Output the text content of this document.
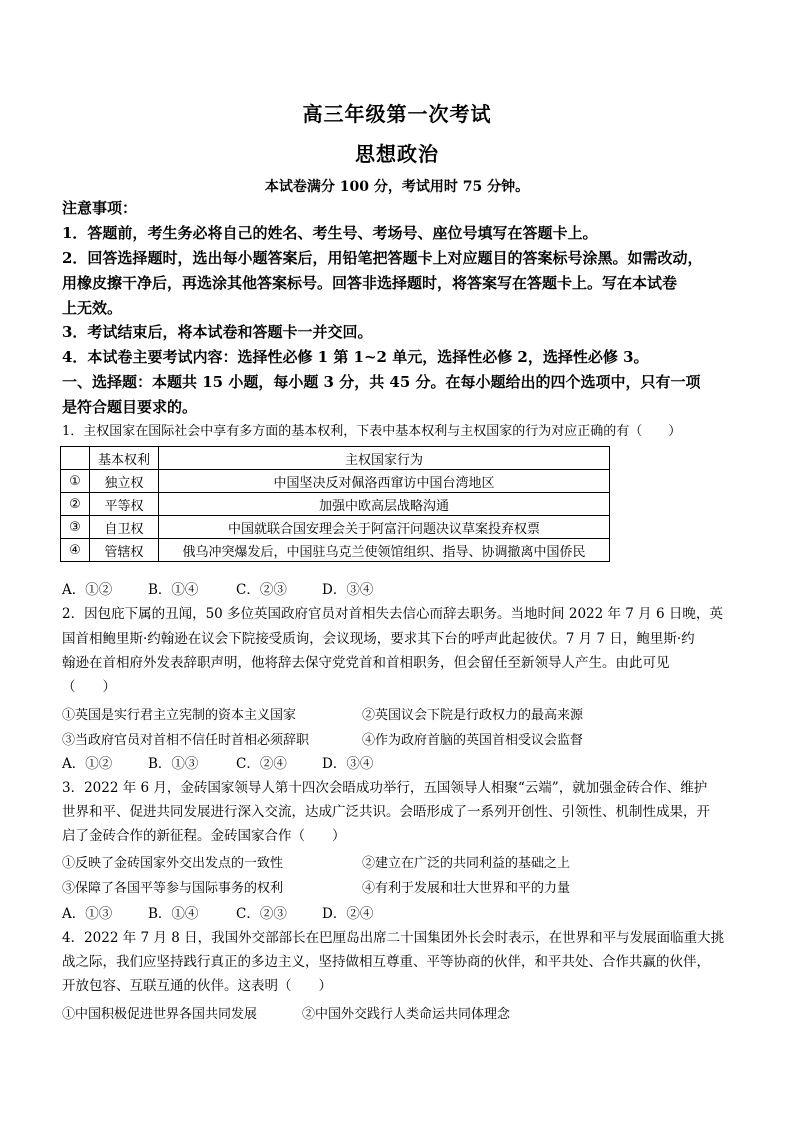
高三年级第一次考试
思想政治
本试卷满分 100 分，考试用时 75 分钟。
注意事项：
1．答题前，考生务必将自己的姓名、考生号、考场号、座位号填写在答题卡上。
2．回答选择题时，选出每小题答案后，用铅笔把答题卡上对应题目的答案标号涂黑。如需改动，
用橡皮擦干净后，再选涂其他答案标号。回答非选择题时，将答案写在答题卡上。写在本试卷
上无效。
3．考试结束后，将本试卷和答题卡一并交回。
4．本试卷主要考试内容：选择性必修 1 第 1~2 单元，选择性必修 2，选择性必修 3。
一、选择题：本题共 15 小题，每小题 3 分，共 45 分。在每小题给出的四个选项中，只有一项
是符合题目要求的。
1．主权国家在国际社会中享有多方面的基本权利，下表中基本权利与主权国家的行为对应正确的有（　　）
	基本权利	主权国家行为
①	独立权	中国坚决反对佩洛西窜访中国台湾地区
②	平等权	加强中欧高层战略沟通
③	自卫权	中国就联合国安理会关于阿富汗问题决议草案投弃权票
④	管辖权	俄乌冲突爆发后，中国驻乌克兰使领馆组织、指导、协调撤离中国侨民
A．①②	B．①④	C．②③	D．③④
2．因包庇下属的丑闻，50 多位英国政府官员对首相失去信心而辞去职务。当地时间 2022 年 7 月 6 日晚，英
国首相鲍里斯·约翰逊在议会下院接受质询，会议现场，要求其下台的呼声此起彼伏。7 月 7 日，鲍里斯·约
翰逊在首相府外发表辞职声明，他将辞去保守党党首和首相职务，但会留任至新领导人产生。由此可见
（　　）
①英国是实行君主立宪制的资本主义国家	②英国议会下院是行政权力的最高来源
③当政府官员对首相不信任时首相必须辞职	④作为政府首脑的英国首相受议会监督
A．①②	B．①③	C．②④	D．③④
3．2022 年 6 月，金砖国家领导人第十四次会晤成功举行，五国领导人相聚“云端”，就加强金砖合作、维护
世界和平、促进共同发展进行深入交流，达成广泛共识。会晤形成了一系列开创性、引领性、机制性成果，开
启了金砖合作的新征程。金砖国家合作（　　）
①反映了金砖国家外交出发点的一致性	②建立在广泛的共同利益的基础之上
③保障了各国平等参与国际事务的权利	④有利于发展和壮大世界和平的力量
A．①③	B．①④	C．②③	D．②④
4．2022 年 7 月 8 日，我国外交部部长在巴厘岛出席二十国集团外长会时表示，在世界和平与发展面临重大挑
战之际，我们应坚持践行真正的多边主义，坚持做相互尊重、平等协商的伙伴，和平共处、合作共赢的伙伴，
开放包容、互联互通的伙伴。这表明（　　）
①中国积极促进世界各国共同发展	②中国外交践行人类命运共同体理念
